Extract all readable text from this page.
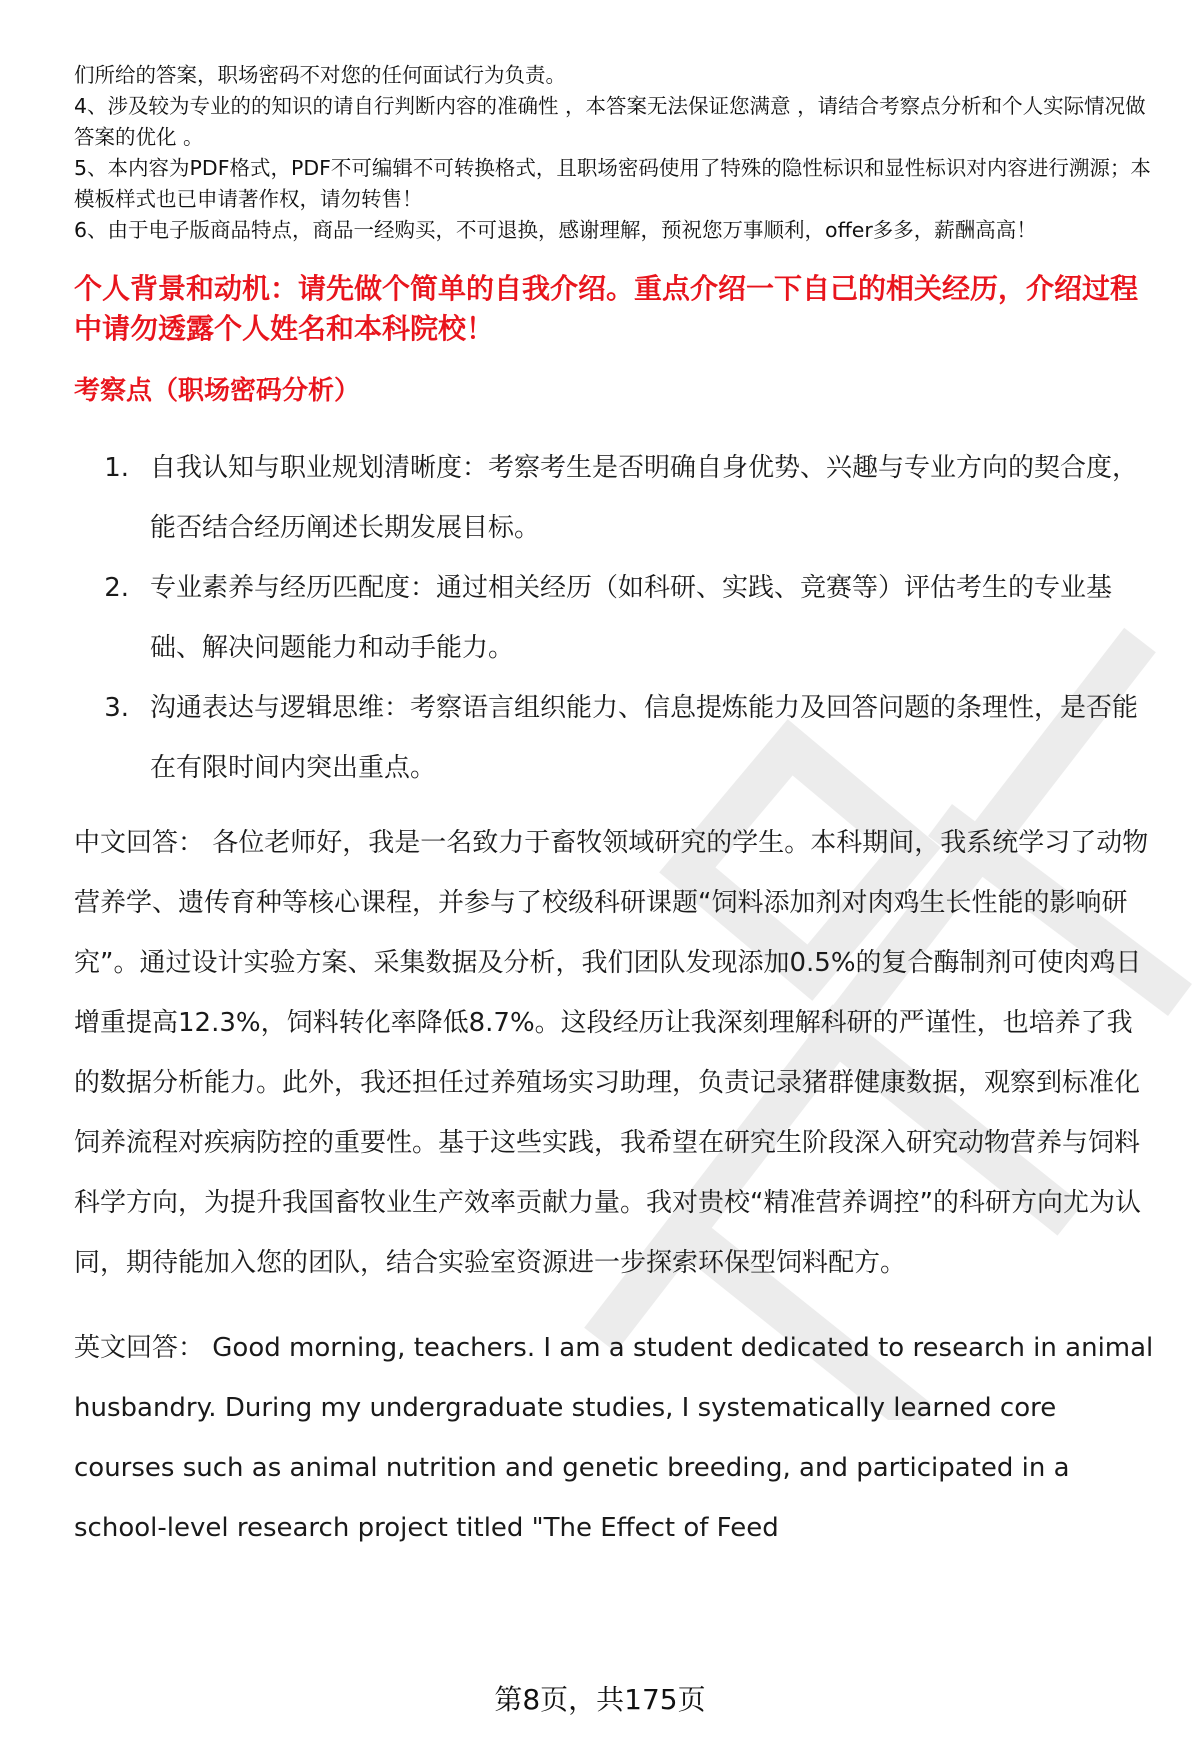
们所给的答案，职场密码不对您的任何面试行为负责。
4、涉及较为专业的的知识的请自行判断内容的准确性 ，本答案无法保证您满意 ，请结合考察点分析和个人实际情况做答案的优化 。
5、本内容为PDF格式，PDF不可编辑不可转换格式，且职场密码使用了特殊的隐性标识和显性标识对内容进行溯源；本模板样式也已申请著作权，请勿转售！
6、由于电子版商品特点，商品一经购买，不可退换，感谢理解，预祝您万事顺利，offer多多，薪酬高高！
个人背景和动机：请先做个简单的自我介绍。重点介绍一下自己的相关经历，介绍过程中请勿透露个人姓名和本科院校！
考察点（职场密码分析）
1. 自我认知与职业规划清晰度：考察考生是否明确自身优势、兴趣与专业方向的契合度，能否结合经历阐述长期发展目标。
2. 专业素养与经历匹配度：通过相关经历（如科研、实践、竞赛等）评估考生的专业基础、解决问题能力和动手能力。
3. 沟通表达与逻辑思维：考察语言组织能力、信息提炼能力及回答问题的条理性，是否能在有限时间内突出重点。
中文回答： 各位老师好，我是一名致力于畜牧领域研究的学生。本科期间，我系统学习了动物营养学、遗传育种等核心课程，并参与了校级科研课题“饲料添加剂对肉鸡生长性能的影响研究”。通过设计实验方案、采集数据及分析，我们团队发现添加0.5%的复合酶制剂可使肉鸡日增重提高12.3%，饲料转化率降低8.7%。这段经历让我深刻理解科研的严谨性，也培养了我的数据分析能力。此外，我还担任过养殖场实习助理，负责记录猪群健康数据，观察到标准化饲养流程对疾病防控的重要性。基于这些实践，我希望在研究生阶段深入研究动物营养与饲料科学方向，为提升我国畜牧业生产效率贡献力量。我对贵校“精准营养调控”的科研方向尤为认同，期待能加入您的团队，结合实验室资源进一步探索环保型饲料配方。
英文回答： Good morning, teachers. I am a student dedicated to research in animal husbandry. During my undergraduate studies, I systematically learned core courses such as animal nutrition and genetic breeding, and participated in a school-level research project titled "The Effect of Feed
第8页，共175页
